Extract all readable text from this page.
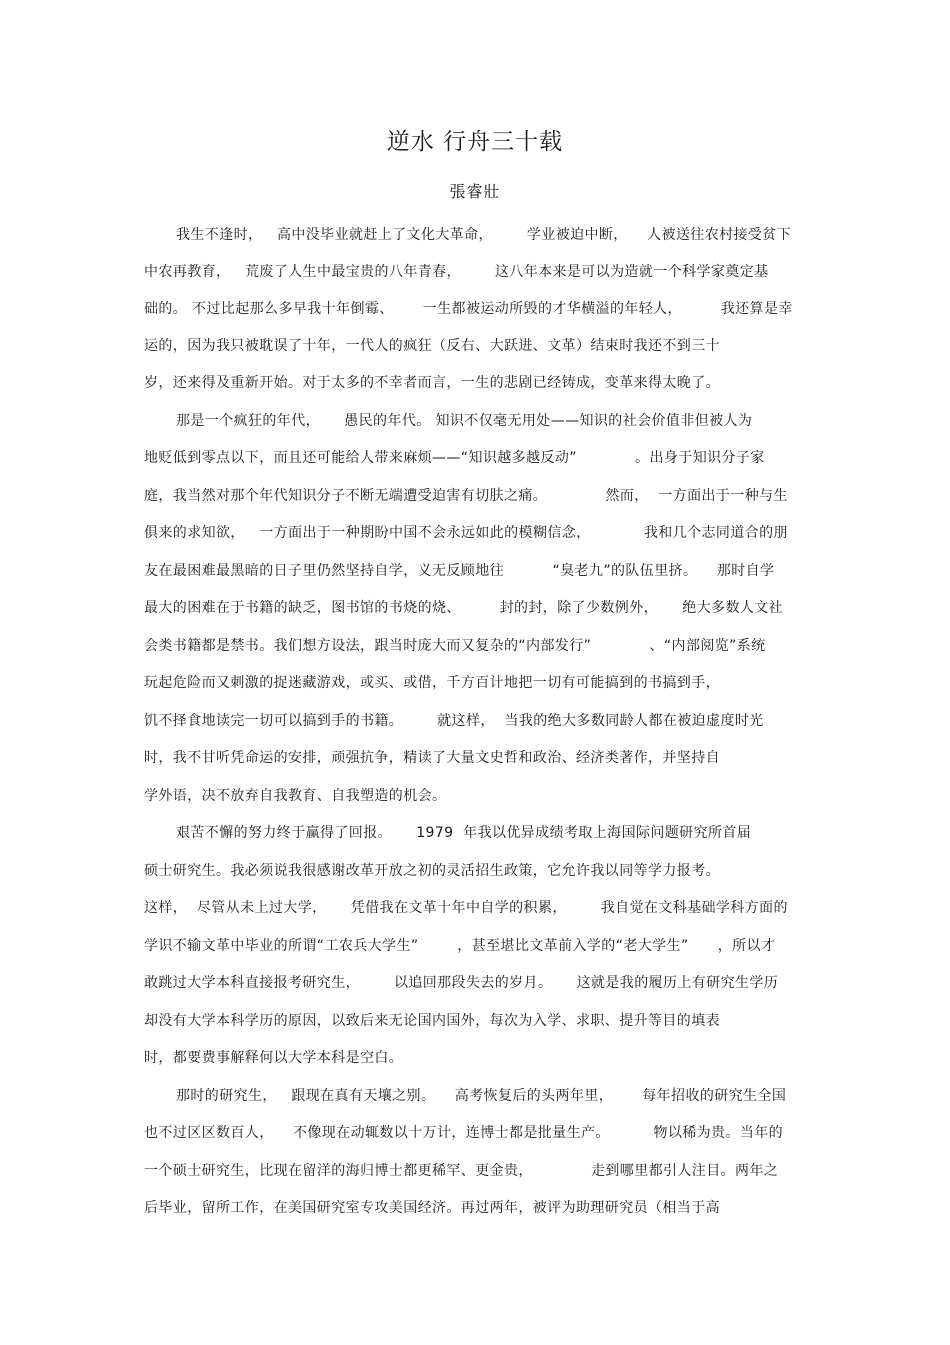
逆水 行舟三十载
張睿壯
我生不逢时，   高中没毕业就赶上了文化大革命，       学业被迫中断，    人被送往农村接受贫下
中农再教育，   荒废了人生中最宝贵的八年青春，       这八年本来是可以为造就一个科学家奠定基
础的。 不过比起那么多早我十年倒霉、      一生都被运动所毁的才华横溢的年轻人，        我还算是幸
运的，因为我只被耽误了十年，一代人的疯狂（反右、大跃进、文革）结束时我还不到三十
岁，还来得及重新开始。对于太多的不幸者而言，一生的悲剧已经铸成，变革来得太晚了。
那是一个疯狂的年代，     愚民的年代。 知识不仅毫无用处——知识的社会价值非但被人为
地贬低到零点以下，而且还可能给人带来麻烦——“知识越多越反动”            。出身于知识分子家
庭，我当然对那个年代知识分子不断无端遭受迫害有切肤之痛。            然而，  一方面出于一种与生
俱来的求知欲，   一方面出于一种期盼中国不会永远如此的模糊信念，           我和几个志同道合的朋
友在最困难最黑暗的日子里仍然坚持自学，义无反顾地往          “臭老九”的队伍里挤。    那时自学
最大的困难在于书籍的缺乏，图书馆的书烧的烧、        封的封，除了少数例外，     绝大多数人文社
会类书籍都是禁书。我们想方设法，跟当时庞大而又复杂的“内部发行”            、“内部阅览”系统
玩起危险而又刺激的捉迷藏游戏，或买、或借，千方百计地把一切有可能搞到的书搞到手，
饥不择食地读完一切可以搞到手的书籍。       就这样，  当我的绝大多数同龄人都在被迫虚度时光
时，我不甘听凭命运的安排，顽强抗争，精读了大量文史哲和政治、经济类著作，并坚持自
学外语，决不放弃自我教育、自我塑造的机会。
艰苦不懈的努力终于赢得了回报。     1979  年我以优异成绩考取上海国际问题研究所首届
硕士研究生。我必须说我很感谢改革开放之初的灵活招生政策，它允许我以同等学力报考。
这样，  尽管从未上过大学，     凭借我在文革十年中自学的积累，       我自觉在文科基础学科方面的
学识不输文革中毕业的所谓“工农兵大学生”        ，甚至堪比文革前入学的“老大学生”      ，所以才
敢跳过大学本科直接报考研究生，       以追回那段失去的岁月。     这就是我的履历上有研究生学历
却没有大学本科学历的原因，以致后来无论国内国外，每次为入学、求职、提升等目的填表
时，都要费事解释何以大学本科是空白。
那时的研究生，   跟现在真有天壤之别。    高考恢复后的头两年里，      每年招收的研究生全国
也不过区区数百人，    不像现在动辄数以十万计，连博士都是批量生产。         物以稀为贵。当年的
一个硕士研究生，比现在留洋的海归博士都更稀罕、更金贵，            走到哪里都引人注目。两年之
后毕业，留所工作，在美国研究室专攻美国经济。再过两年，被评为助理研究员（相当于高
